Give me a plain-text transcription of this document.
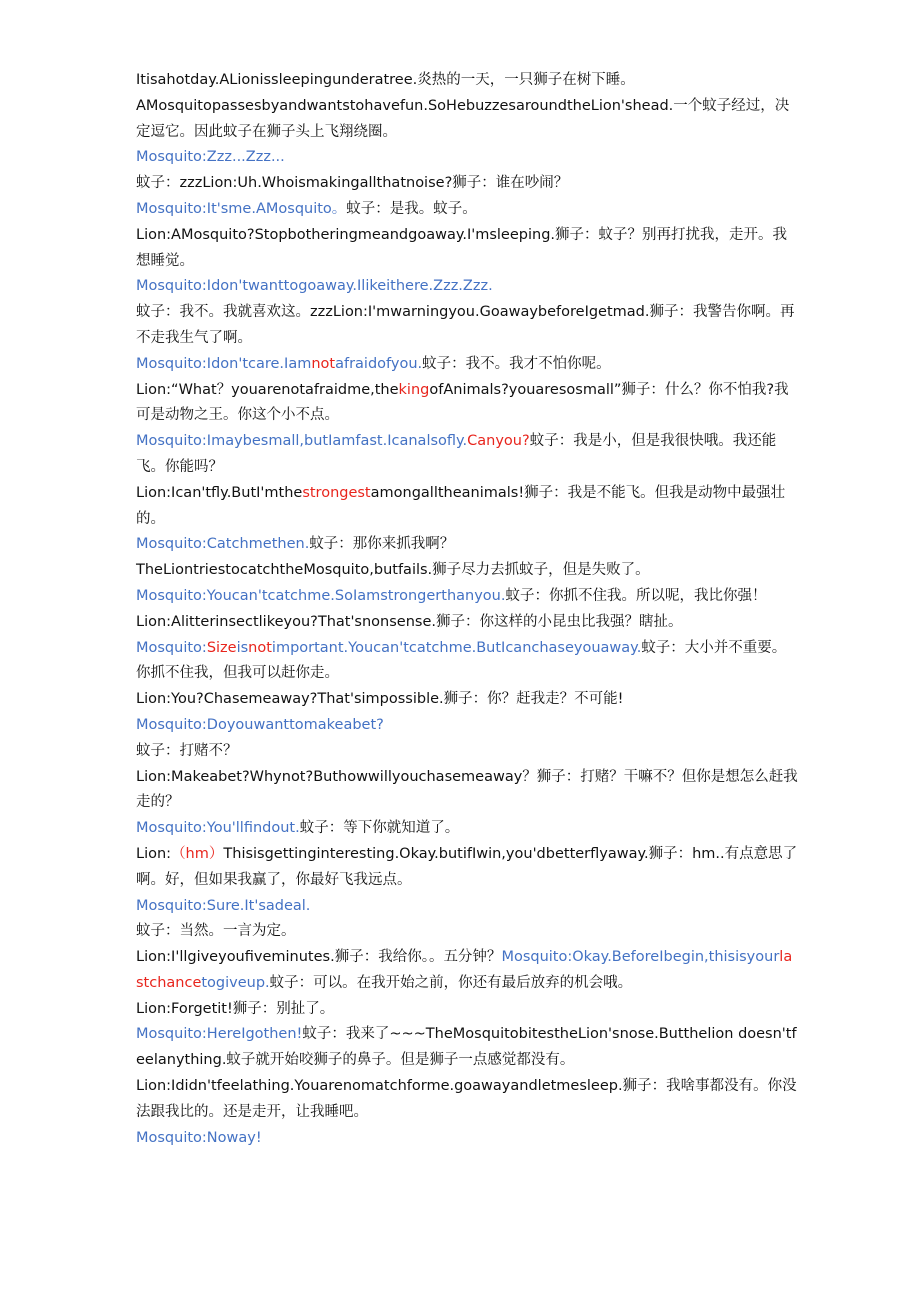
Itisahotday.ALionissleepingunderatree.炎热的一天，一只狮子在树下睡。

AMosquitopassesbyandwantstohavefun.SoHebuzzesaroundtheLion'shead.一个蚊子经过，决定逗它。因此蚊子在狮子头上飞翔绕圈。

Mosquito:Zzz...Zzz...

蚊子：zzzLion:Uh.Whoismakingallthatnoise?狮子：谁在吵闹？

Mosquito:It'sme.AMosquito。蚊子：是我。蚊子。

Lion:AMosquito?Stopbotheringmeandgoaway.I'msleeping.狮子：蚊子？别再打扰我，走开。我想睡觉。

Mosquito:Idon'twanttogoaway.Ilikeithere.Zzz.Zzz.

蚊子：我不。我就喜欢这。zzzLion:I'mwarningyou.GoawaybeforeIgetmad.狮子：我警告你啊。再不走我生气了啊。

Mosquito:Idon'tcare.Iamnotafraidofyou.蚊子：我不。我才不怕你呢。

Lion:“What？youarenotafraidme,thekingofAnimals?youaresosmall”狮子：什么？你不怕我?我可是动物之王。你这个小不点。

Mosquito:Imaybesmall,butIamfast.Icanalsofly.Canyou?蚊子：我是小，但是我很快哦。我还能飞。你能吗？

Lion:Ican'tfly.ButI'mthestrongestamongalltheanimals!狮子：我是不能飞。但我是动物中最强壮的。

Mosquito:Catchmethen.蚊子：那你来抓我啊？

TheLiontriestocatchtheMosquito,butfails.狮子尽力去抓蚊子，但是失败了。

Mosquito:Youcan'tcatchme.SoIamstrongerthanyou.蚊子：你抓不住我。所以呢，我比你强！

Lion:Alitterinsectlikeyou?That'snonsense.狮子：你这样的小昆虫比我强？瞎扯。

Mosquito:Sizeisnotimportant.Youcan'tcatchme.ButIcanchaseyouaway.蚊子：大小并不重要。你抓不住我，但我可以赶你走。

Lion:You?Chasemeaway?That'simpossible.狮子：你？赶我走？不可能!

Mosquito:Doyouwanttomakeabet?

蚊子：打赌不？

Lion:Makeabet?Whynot?Buthowwillyouchasemeaway？狮子：打赌？干嘛不？但你是想怎么赶我走的？

Mosquito:You'llfindout.蚊子：等下你就知道了。

Lion:（hm）Thisisgettinginteresting.Okay.butifIwin,you'dbetterflyaway.狮子：hm..有点意思了啊。好，但如果我赢了，你最好飞我远点。

Mosquito:Sure.It'sadeal.

蚊子：当然。一言为定。

Lion:I'llgiveyoufiveminutes.狮子：我给你。。五分钟？Mosquito:Okay.BeforeIbegin,thisisyourlastchancetogiveup.蚊子：可以。在我开始之前，你还有最后放弃的机会哦。

Lion:Forgetit!狮子：别扯了。

Mosquito:HereIgothen!蚊子：我来了~~~TheMosquitobitestheLion'snose.Butthelion doesn'tfeelanything.蚊子就开始咬狮子的鼻子。但是狮子一点感觉都没有。

Lion:Ididn'tfeelathing.Youarenomatchforme.goawayandletmesleep.狮子：我啥事都没有。你没法跟我比的。还是走开，让我睡吧。

Mosquito:Noway!
